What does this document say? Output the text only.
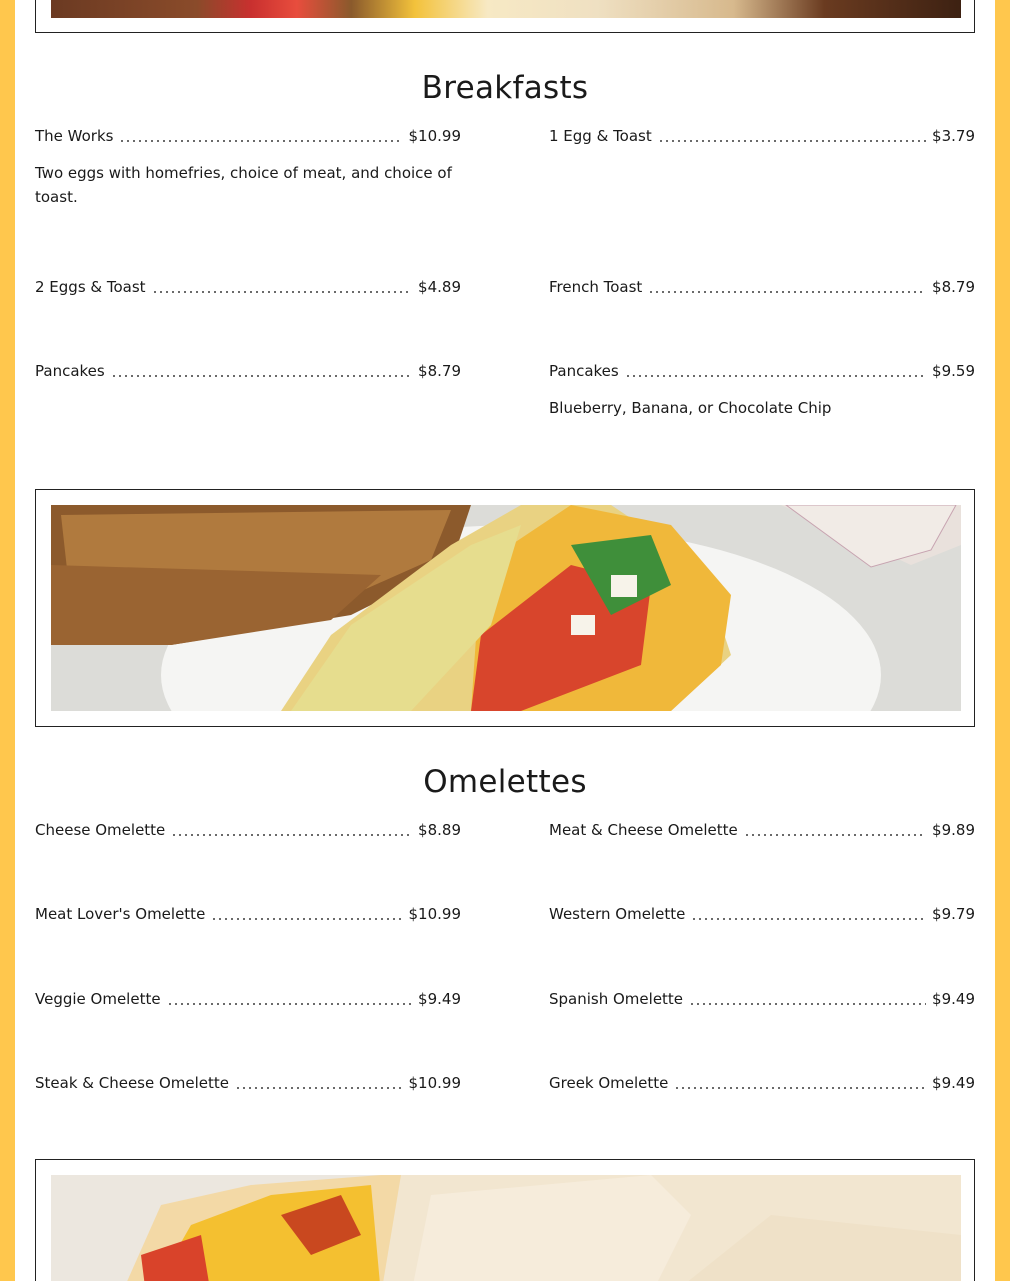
Breakfasts
The Works	$10.99
Two eggs with homefries, choice of meat, and choice of toast.
1 Egg & Toast	$3.79
2 Eggs & Toast	$4.89	French Toast	$8.79
Pancakes	$8.79	Pancakes	$9.59
Blueberry, Banana, or Chocolate Chip
Omelettes
Cheese Omelette	$8.89	Meat & Cheese Omelette	$9.89
Meat Lover's Omelette	$10.99	Western Omelette	$9.79
Veggie Omelette	$9.49	Spanish Omelette	$9.49
Steak & Cheese Omelette	$10.99	Greek Omelette	$9.49
